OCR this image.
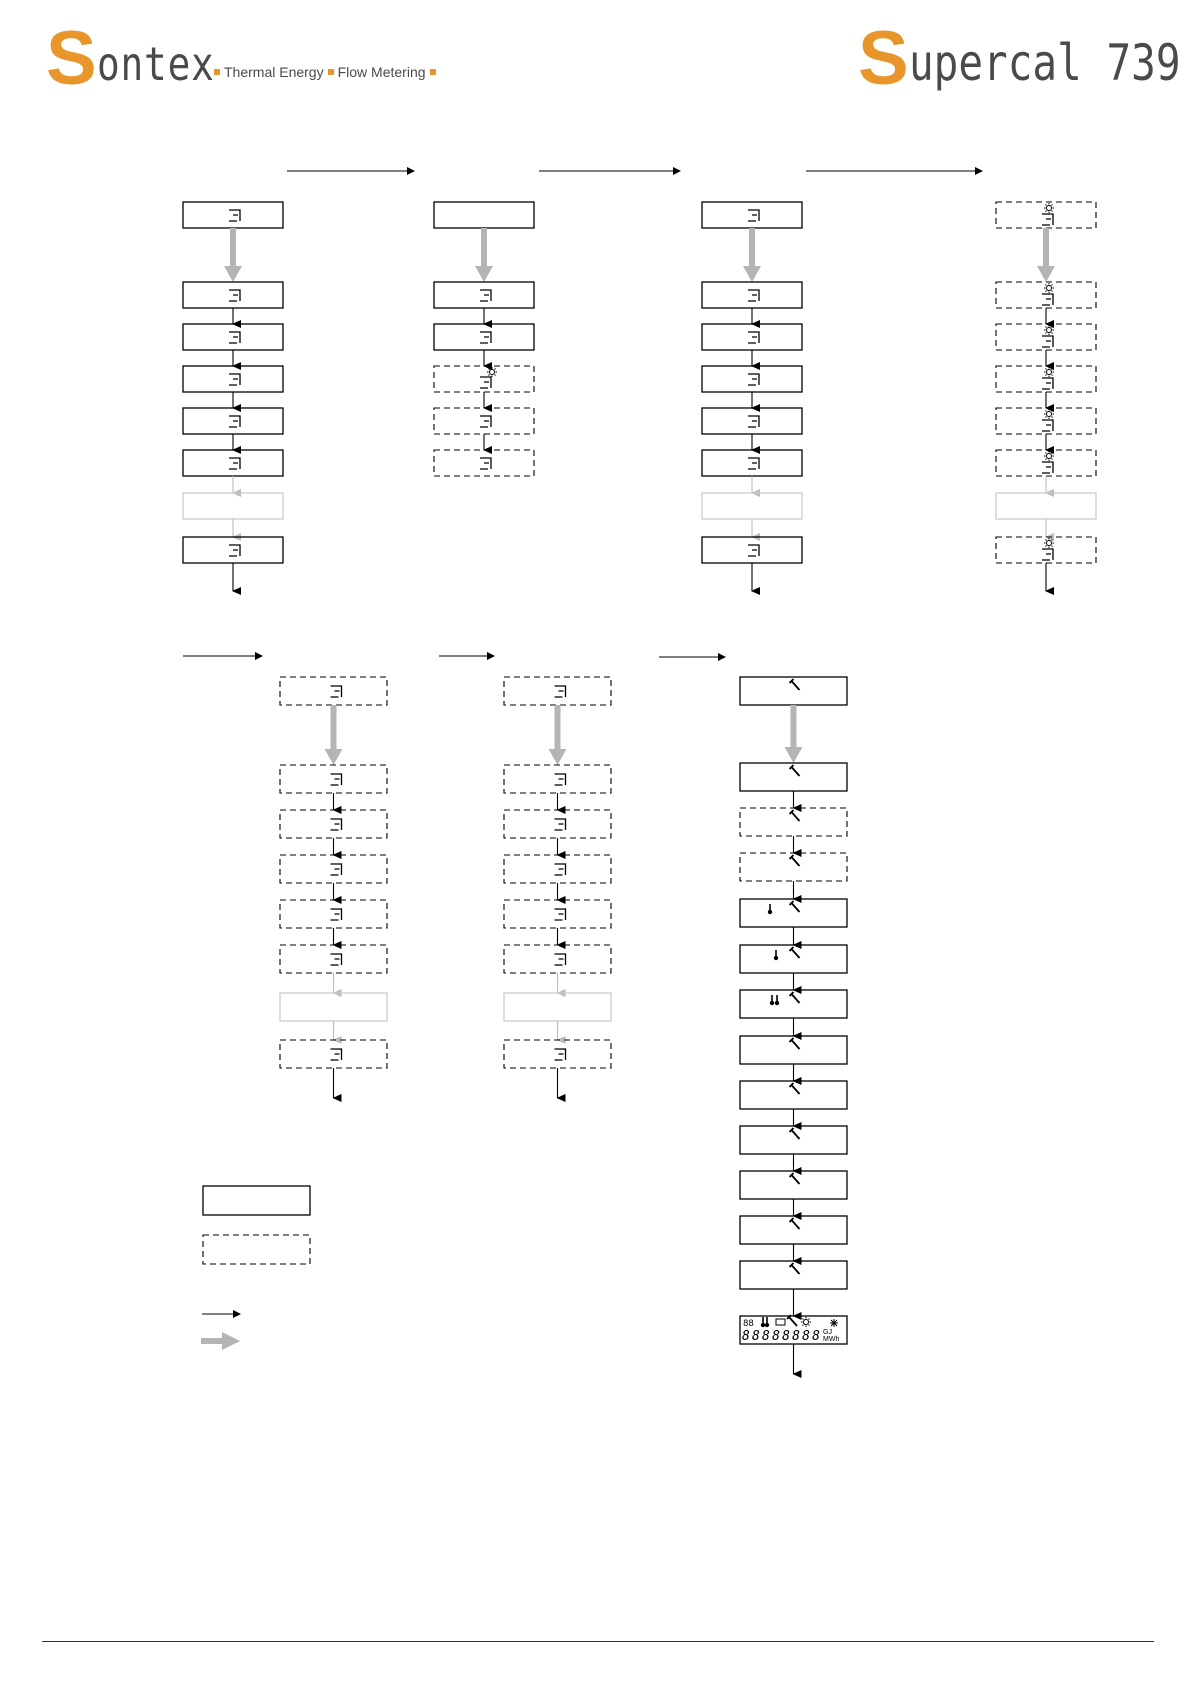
S ontex Thermal Energy Flow Metering	S upercal 739
88
88888888 GJ
MWh
